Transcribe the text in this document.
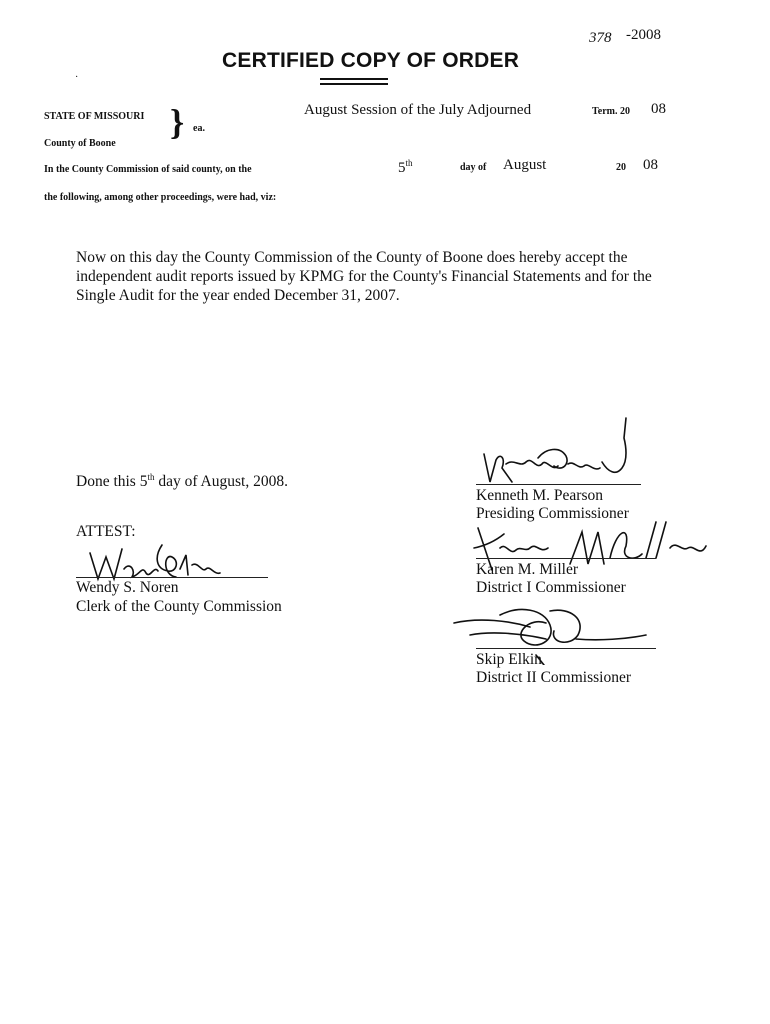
378 -2008
CERTIFIED COPY OF ORDER
·
STATE OF MISSOURI
County of Boone
} ea.
August Session of the July Adjourned	Term. 20 08
In the County Commission of said county, on the	5th	day of August	20 08
the following, among other proceedings, were had, viz:
Now on this day the County Commission of the County of Boone does hereby accept the
independent audit reports issued by KPMG for the County's Financial Statements and for the
Single Audit for the year ended December 31, 2007.
Done this 5th day of August, 2008.
ATTEST:
Wendy S. Noren
Clerk of the County Commission
Kenneth M. Pearson
Presiding Commissioner
Karen M. Miller
District I Commissioner
Skip Elkin
District II Commissioner
